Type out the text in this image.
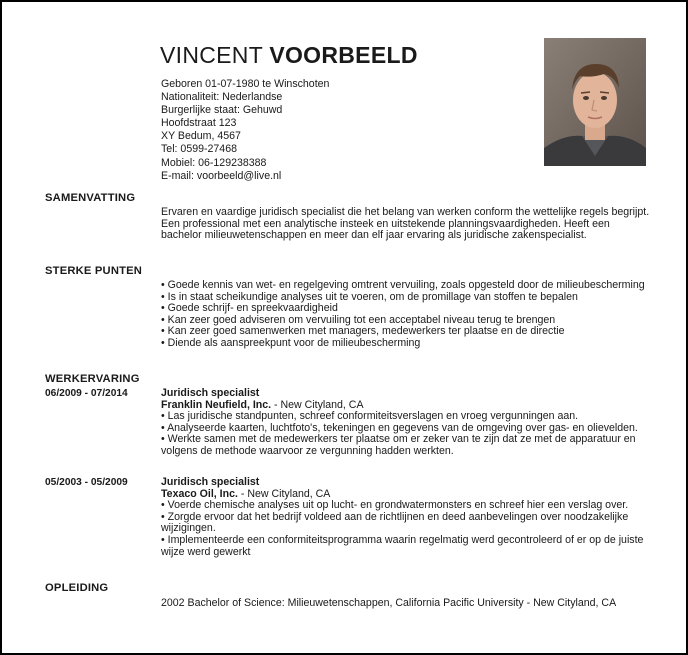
VINCENT VOORBEELD
Geboren 01-07-1980 te Winschoten
Nationaliteit: Nederlandse
Burgerlijke staat: Gehuwd
Hoofdstraat 123
XY Bedum, 4567
Tel: 0599-27468
Mobiel: 06-129238388
E-mail: voorbeeld@live.nl
SAMENVATTING
Ervaren en vaardige juridisch specialist die het belang van werken conform the wettelijke regels begrijpt. Een professional met een analytische insteek en uitstekende planningsvaardigheden. Heeft een bachelor milieuwetenschappen en meer dan elf jaar ervaring als juridische zakenspecialist.
STERKE PUNTEN
• Goede kennis van wet- en regelgeving omtrent vervuiling, zoals opgesteld door de milieubescherming
• Is in staat scheikundige analyses uit te voeren, om de promillage van stoffen te bepalen
• Goede schrijf- en spreekvaardigheid
• Kan zeer goed adviseren om vervuiling tot een acceptabel niveau terug te brengen
• Kan zeer goed samenwerken met managers, medewerkers ter plaatse en de directie
• Diende als aanspreekpunt voor de milieubescherming
WERKERVARING
06/2009 - 07/2014	Juridisch specialist
Franklin Neufield, Inc. - New Cityland, CA
• Las juridische standpunten, schreef conformiteitsverslagen en vroeg vergunningen aan.
• Analyseerde kaarten, luchtfoto's, tekeningen en gegevens van de omgeving over gas- en olievelden.
• Werkte samen met de medewerkers ter plaatse om er zeker van te zijn dat ze met de apparatuur en volgens de methode waarvoor ze vergunning hadden werkten.
05/2003 - 05/2009	Juridisch specialist
Texaco Oil, Inc. - New Cityland, CA
• Voerde chemische analyses uit op lucht- en grondwatermonsters en schreef hier een verslag over.
• Zorgde ervoor dat het bedrijf voldeed aan de richtlijnen en deed aanbevelingen over noodzakelijke wijzigingen.
• Implementeerde een conformiteitsprogramma waarin regelmatig werd gecontroleerd of er op de juiste wijze werd gewerkt
OPLEIDING
2002 Bachelor of Science: Milieuwetenschappen, California Pacific University - New Cityland, CA
